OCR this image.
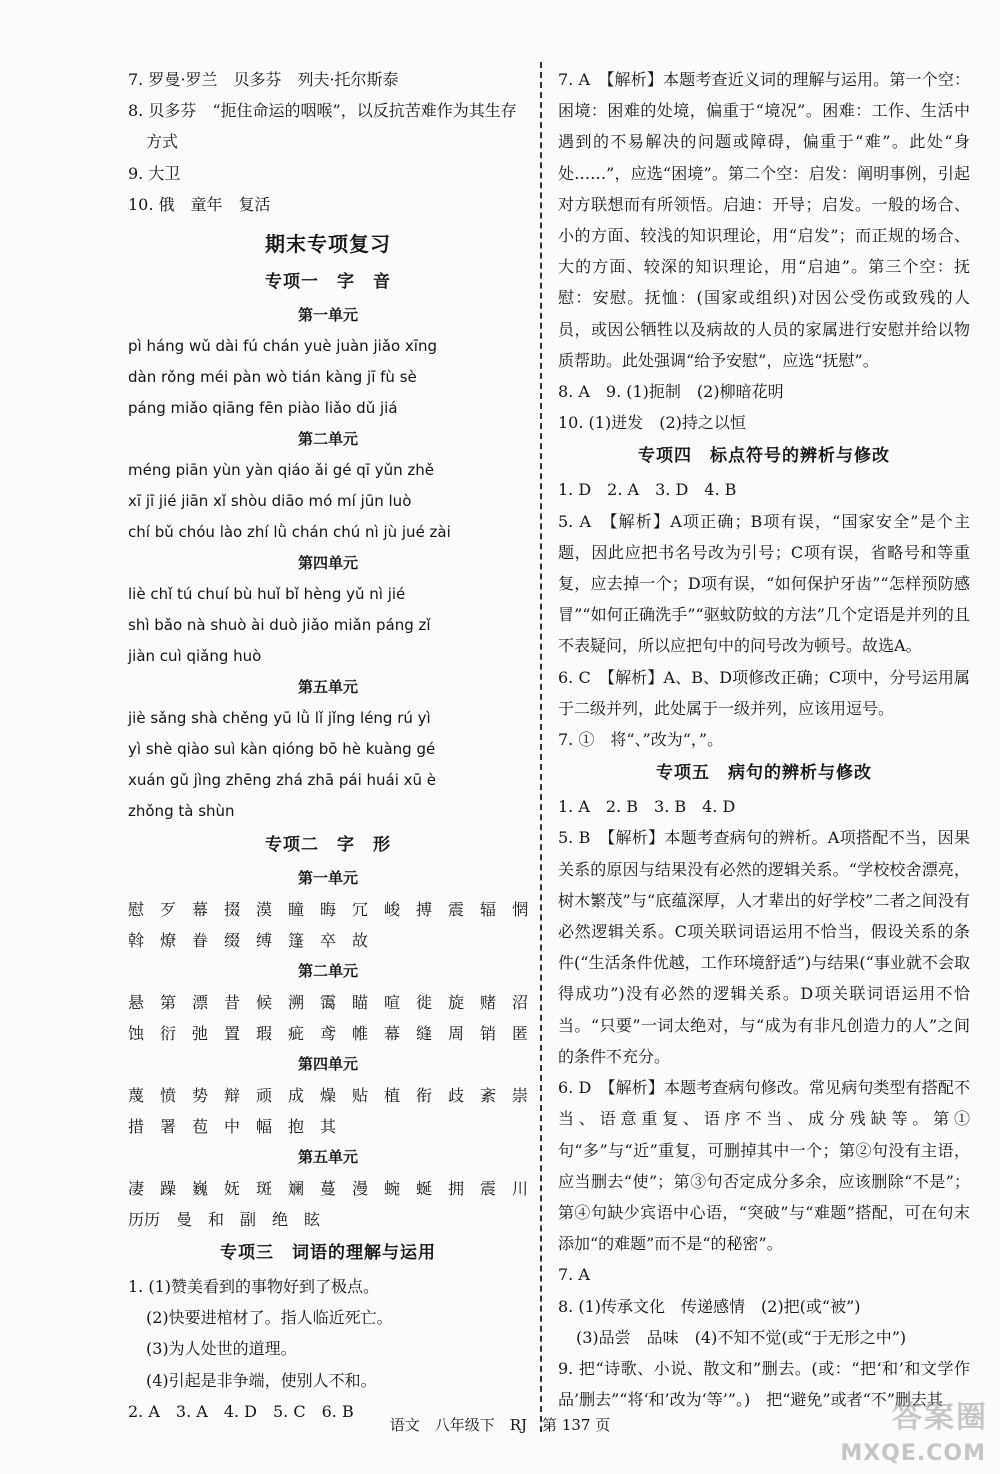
7. 罗曼·罗兰　贝多芬　列夫·托尔斯泰
8. 贝多芬　“扼住命运的咽喉”，以反抗苦难作为其生存
方式
9. 大卫
10. 俄　童年　复活
期末专项复习
专项一　字　音
第一单元
pì háng wǔ dài fú chán yuè juàn jiǎo xīng
dàn rǒng méi pàn wò tián kàng jī fù sè
páng miǎo qiāng fēn piào liǎo dǔ jiá
第二单元
méng piān yùn yàn qiáo ǎi gé qī yǔn zhě
xī jī jié jiān xǐ shòu diāo mó mí jūn luò
chí bǔ chóu lào zhí lǜ chán chú nì jù jué zài
第四单元
liè chǐ tú chuí bù huǐ bǐ hèng yǔ nì jié
shì bǎo nà shuò ài duò jiǎo miǎn páng zǐ
jiàn cuì qiǎng huò
第五单元
jiè sǎng shà chěng yū lǜ lǐ jǐng léng rú yì
yì shè qiào suì kàn qióng bō hè kuàng gé
xuán gǔ jìng zhēng zhá zhā pái huái xū è
zhǒng tà shùn
专项二　字　形
第一单元
慰　歹　幕　掇　漠　瞳　晦　冗　峻　搏　震　辐　惘
斡　燎　眷　缀　缚　篷　卒　故
第二单元
悬　第　漂　昔　候　溯　霭　瞄　喧　徙　旋　赌　沼
蚀　衍　弛　置　瑕　疵　鸢　帷　幕　缝　周　销　匿
第四单元
蔑　愤　势　辩　顽　成　燥　贴　植　衔　歧　紊　崇
措　署　苞　中　幅　抱　其
第五单元
凄　躁　巍　妩　斑　斓　蔓　漫　蜿　蜒　拥　震　川
历历　曼　和　副　绝　眩
专项三　词语的理解与运用
1. (1)赞美看到的事物好到了极点。
(2)快要进棺材了。指人临近死亡。
(3)为人处世的道理。
(4)引起是非争端，使别人不和。
2. A　3. A　4. D　5. C　6. B
7. A　【解析】本题考查近义词的理解与运用。第一个空：困境：困难的处境，偏重于“境况”。困难：工作、生活中遇到的不易解决的问题或障碍，偏重于“难”。此处“身处……”，应选“困境”。第二个空：启发：阐明事例，引起对方联想而有所领悟。启迪：开导；启发。一般的场合、小的方面、较浅的知识理论，用“启发”；而正规的场合、大的方面、较深的知识理论，用“启迪”。第三个空：抚慰：安慰。抚恤：(国家或组织)对因公受伤或致残的人员，或因公牺牲以及病故的人员的家属进行安慰并给以物质帮助。此处强调“给予安慰”，应选“抚慰”。
8. A　9. (1)扼制　(2)柳暗花明
10. (1)迸发　(2)持之以恒
专项四　标点符号的辨析与修改
1. D　2. A　3. D　4. B
5. A　【解析】A项正确；B项有误，“国家安全”是个主题，因此应把书名号改为引号；C项有误，省略号和等重复，应去掉一个；D项有误，“如何保护牙齿”“怎样预防感冒”“如何正确洗手”“驱蚊防蚊的方法”几个定语是并列的且不表疑问，所以应把句中的问号改为顿号。故选A。
6. C　【解析】A、B、D项修改正确；C项中，分号运用属于二级并列，此处属于一级并列，应该用逗号。
7. ①　将“、”改为“，”。
专项五　病句的辨析与修改
1. A　2. B　3. B　4. D
5. B　【解析】本题考查病句的辨析。A项搭配不当，因果关系的原因与结果没有必然的逻辑关系。“学校校舍漂亮，树木繁茂”与“底蕴深厚，人才辈出的好学校”二者之间没有必然逻辑关系。C项关联词语运用不恰当，假设关系的条件(“生活条件优越，工作环境舒适”)与结果(“事业就不会取得成功”)没有必然的逻辑关系。D项关联词语运用不恰当。“只要”一词太绝对，与“成为有非凡创造力的人”之间的条件不充分。
6. D　【解析】本题考查病句修改。常见病句类型有搭配不当、语意重复、语序不当、成分残缺等。第①句“多”与“近”重复，可删掉其中一个；第②句没有主语，应当删去“使”；第③句否定成分多余，应该删除“不是”；第④句缺少宾语中心语，“突破”与“难题”搭配，可在句末添加“的难题”而不是“的秘密”。
7. A
8. (1)传承文化　传递感情　(2)把(或“被”)
(3)品尝　品味　(4)不知不觉(或“于无形之中”)
9. 把“诗歌、小说、散文和”删去。(或：“把‘和’和文学作品’删去”“将‘和’改为‘等’”。)　把“避免”或者“不”删去其
语文　八年级下　RJ　第 137 页	答案圈
MXQE.COM
